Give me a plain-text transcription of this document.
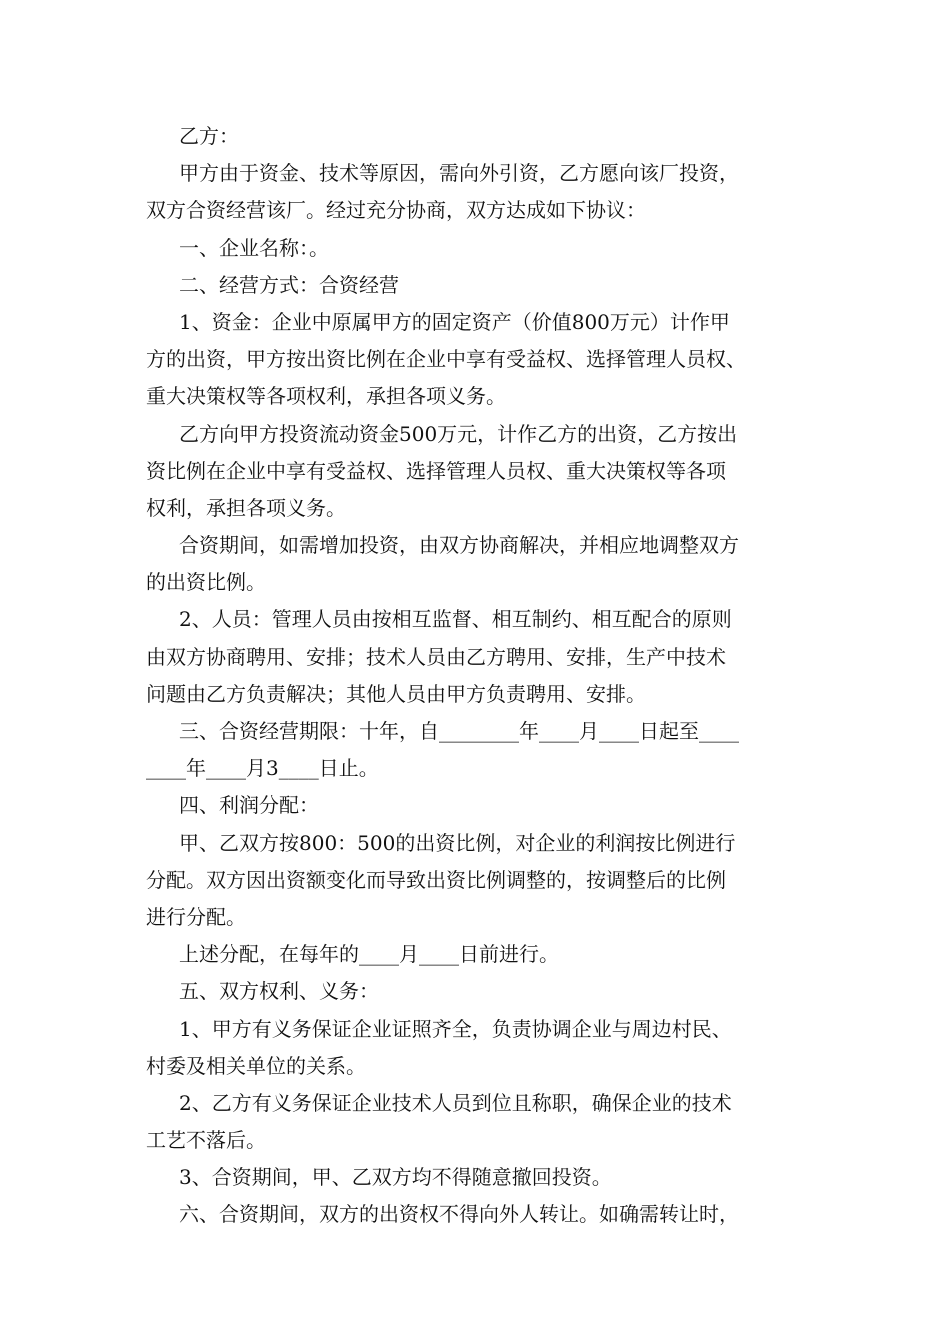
乙方：
甲方由于资金、技术等原因，需向外引资，乙方愿向该厂投资，
双方合资经营该厂。经过充分协商，双方达成如下协议：
一、企业名称：。
二、经营方式：合资经营
1、资金：企业中原属甲方的固定资产（价值800万元）计作甲
方的出资，甲方按出资比例在企业中享有受益权、选择管理人员权、
重大决策权等各项权利，承担各项义务。
乙方向甲方投资流动资金500万元，计作乙方的出资，乙方按出
资比例在企业中享有受益权、选择管理人员权、重大决策权等各项
权利，承担各项义务。
合资期间，如需增加投资，由双方协商解决，并相应地调整双方
的出资比例。
2、人员：管理人员由按相互监督、相互制约、相互配合的原则
由双方协商聘用、安排；技术人员由乙方聘用、安排，生产中技术
问题由乙方负责解决；其他人员由甲方负责聘用、安排。
三、合资经营期限：十年，自________年____月____日起至____
____年____月3____日止。
四、利润分配：
甲、乙双方按800：500的出资比例，对企业的利润按比例进行
分配。双方因出资额变化而导致出资比例调整的，按调整后的比例
进行分配。
上述分配，在每年的____月____日前进行。
五、双方权利、义务：
1、甲方有义务保证企业证照齐全，负责协调企业与周边村民、
村委及相关单位的关系。
2、乙方有义务保证企业技术人员到位且称职，确保企业的技术
工艺不落后。
3、合资期间，甲、乙双方均不得随意撤回投资。
六、合资期间，双方的出资权不得向外人转让。如确需转让时，
